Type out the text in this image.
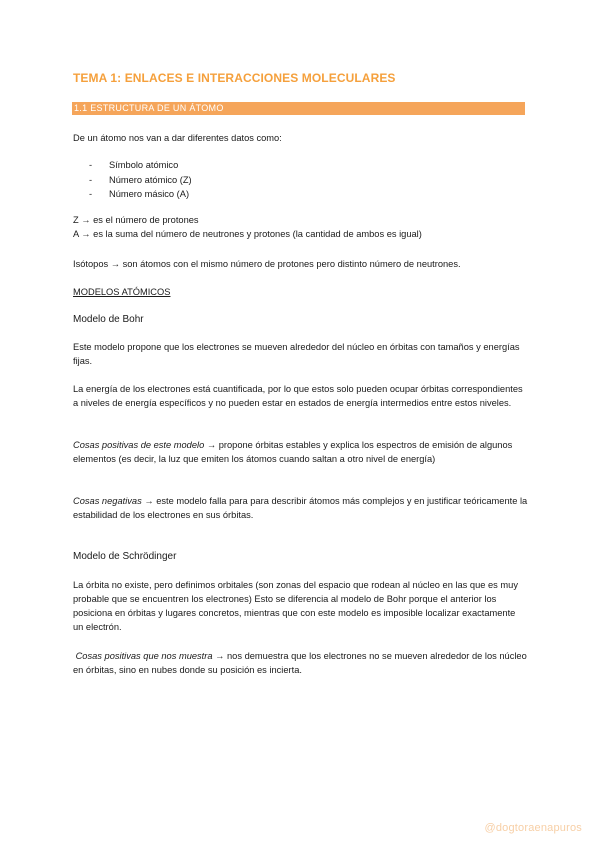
TEMA 1: ENLACES E INTERACCIONES MOLECULARES
1.1 ESTRUCTURA DE UN ÁTOMO

De un átomo nos van a dar diferentes datos como:

-	Símbolo atómico
-	Número atómico (Z)
-	Número másico (A)

Z → es el número de protones

A → es la suma del número de neutrones y protones (la cantidad de ambos es igual)

Isótopos → son átomos con el mismo número de protones pero distinto número de neutrones.

MODELOS ATÓMICOS

Modelo de Bohr

Este modelo propone que los electrones se mueven alrededor del núcleo en órbitas con tamaños y energías fijas.

La energía de los electrones está cuantificada, por lo que estos solo pueden ocupar órbitas correspondientes a niveles de energía específicos y no pueden estar en estados de energía intermedios entre estos niveles.

Cosas positivas de este modelo → propone órbitas estables y explica los espectros de emisión de algunos elementos (es decir, la luz que emiten los átomos cuando saltan a otro nivel de energía)

Cosas negativas → este modelo falla para para describir átomos más complejos y en justificar teóricamente la estabilidad de los electrones en sus órbitas.

Modelo de Schrödinger

La órbita no existe, pero definimos orbitales (son zonas del espacio que rodean al núcleo en las que es muy probable que se encuentren los electrones) Esto se diferencia al modelo de Bohr porque el anterior los posiciona en órbitas y lugares concretos, mientras que con este modelo es imposible localizar exactamente un electrón.

Cosas positivas que nos muestra → nos demuestra que los electrones no se mueven alrededor de los núcleo en órbitas, sino en nubes donde su posición es incierta.

@dogtoraenapuros
